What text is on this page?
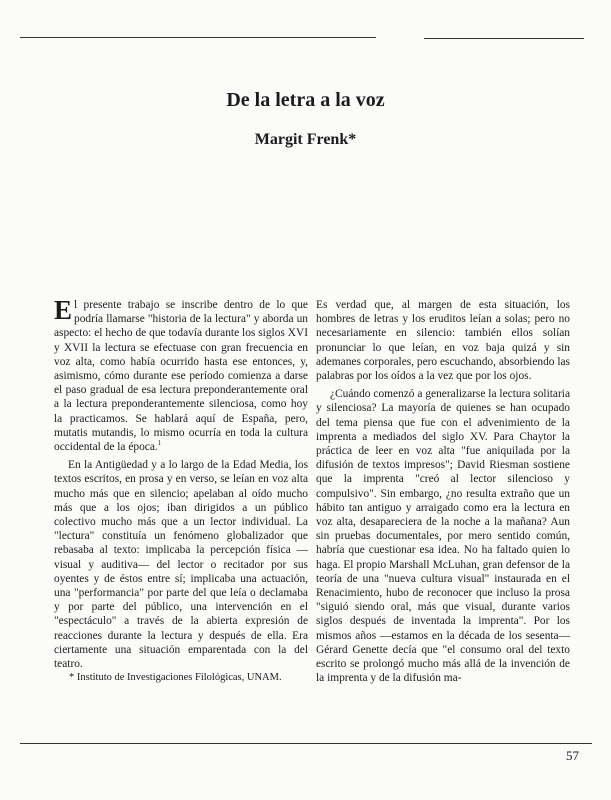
De la letra a la voz
Margit Frenk*

El presente trabajo se inscribe dentro de lo que podría llamarse "historia de la lectura" y aborda un aspecto: el hecho de que todavía durante los siglos XVI y XVII la lectura se efectuase con gran frecuencia en voz alta, como había ocurrido hasta ese entonces, y, asimismo, cómo durante ese período comienza a darse el paso gradual de esa lectura preponderantemente oral a la lectura preponderantemente silenciosa, como hoy la practicamos. Se hablará aquí de España, pero, mutatis mutandis, lo mismo ocurría en toda la cultura occidental de la época.$^1$

En la Antigüedad y a lo largo de la Edad Media, los textos escritos, en prosa y en verso, se leían en voz alta mucho más que en silencio; apelaban al oído mucho más que a los ojos; iban dirigidos a un público colectivo mucho más que a un lector individual. La "lectura" constituía un fenómeno globalizador que rebasaba al texto: implicaba la percepción física —visual y auditiva— del lector o recitador por sus oyentes y de éstos entre sí; implicaba una actuación, una "performancia" por parte del que leía o declamaba y por parte del público, una intervención en el "espectáculo" a través de la abierta expresión de reacciones durante la lectura y después de ella. Era ciertamente una situación emparentada con la del teatro.

Es verdad que, al margen de esta situación, los hombres de letras y los eruditos leían a solas; pero no necesariamente en silencio: también ellos solían pronunciar lo que leían, en voz baja quizá y sin ademanes corporales, pero escuchando, absorbiendo las palabras por los oídos a la vez que por los ojos.

¿Cuándo comenzó a generalizarse la lectura solitaria y silenciosa? La mayoría de quienes se han ocupado del tema piensa que fue con el advenimiento de la imprenta a mediados del siglo XV. Para Chaytor la práctica de leer en voz alta "fue aniquilada por la difusión de textos impresos"; David Riesman sostiene que la imprenta "creó al lector silencioso y compulsivo". Sin embargo, ¿no resulta extraño que un hábito tan antiguo y arraigado como era la lectura en voz alta, desapareciera de la noche a la mañana? Aun sin pruebas documentales, por mero sentido común, habría que cuestionar esa idea. No ha faltado quien lo haga. El propio Marshall McLuhan, gran defensor de la teoría de una "nueva cultura visual" instaurada en el Renacimiento, hubo de reconocer que incluso la prosa "siguió siendo oral, más que visual, durante varios siglos después de inventada la imprenta". Por los mismos años —estamos en la década de los sesenta— Gérard Genette decía que "el consumo oral del texto escrito se prolongó mucho más allá de la invención de la imprenta y de la difusión ma-

* Instituto de Investigaciones Filológicas, UNAM.
57
